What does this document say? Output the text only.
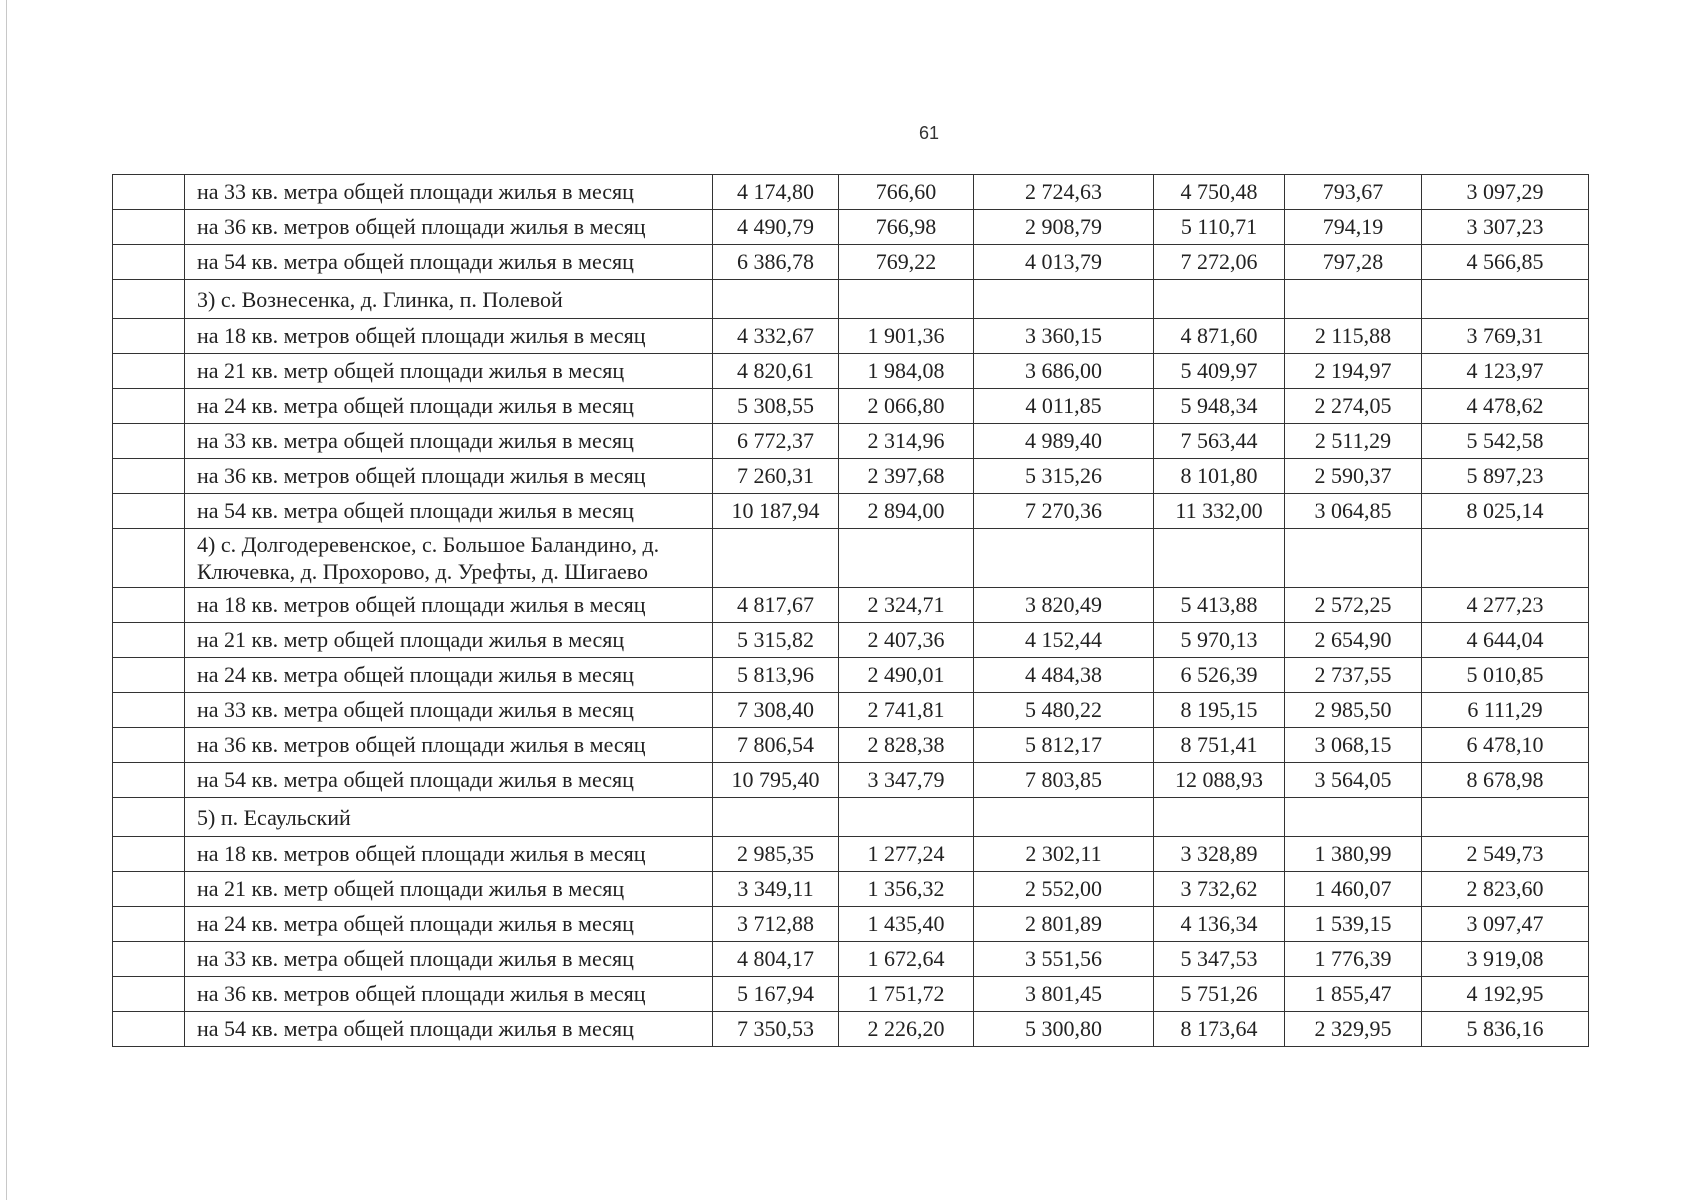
61
	на 33 кв. метра общей площади жилья в месяц	4 174,80	766,60	2 724,63	4 750,48	793,67	3 097,29
	на 36 кв. метров общей площади жилья в месяц	4 490,79	766,98	2 908,79	5 110,71	794,19	3 307,23
	на 54 кв. метра общей площади жилья в месяц	6 386,78	769,22	4 013,79	7 272,06	797,28	4 566,85
	3) с. Вознесенка, д. Глинка, п. Полевой						
	на 18 кв. метров общей площади жилья в месяц	4 332,67	1 901,36	3 360,15	4 871,60	2 115,88	3 769,31
	на 21 кв. метр общей площади жилья в месяц	4 820,61	1 984,08	3 686,00	5 409,97	2 194,97	4 123,97
	на 24 кв. метра общей площади жилья в месяц	5 308,55	2 066,80	4 011,85	5 948,34	2 274,05	4 478,62
	на 33 кв. метра общей площади жилья в месяц	6 772,37	2 314,96	4 989,40	7 563,44	2 511,29	5 542,58
	на 36 кв. метров общей площади жилья в месяц	7 260,31	2 397,68	5 315,26	8 101,80	2 590,37	5 897,23
	на 54 кв. метра общей площади жилья в месяц	10 187,94	2 894,00	7 270,36	11 332,00	3 064,85	8 025,14
	4) с. Долгодеревенское, с. Большое Баландино, д. Ключевка, д. Прохорово, д. Урефты, д. Шигаево						
	на 18 кв. метров общей площади жилья в месяц	4 817,67	2 324,71	3 820,49	5 413,88	2 572,25	4 277,23
	на 21 кв. метр общей площади жилья в месяц	5 315,82	2 407,36	4 152,44	5 970,13	2 654,90	4 644,04
	на 24 кв. метра общей площади жилья в месяц	5 813,96	2 490,01	4 484,38	6 526,39	2 737,55	5 010,85
	на 33 кв. метра общей площади жилья в месяц	7 308,40	2 741,81	5 480,22	8 195,15	2 985,50	6 111,29
	на 36 кв. метров общей площади жилья в месяц	7 806,54	2 828,38	5 812,17	8 751,41	3 068,15	6 478,10
	на 54 кв. метра общей площади жилья в месяц	10 795,40	3 347,79	7 803,85	12 088,93	3 564,05	8 678,98
	5) п. Есаульский						
	на 18 кв. метров общей площади жилья в месяц	2 985,35	1 277,24	2 302,11	3 328,89	1 380,99	2 549,73
	на 21 кв. метр общей площади жилья в месяц	3 349,11	1 356,32	2 552,00	3 732,62	1 460,07	2 823,60
	на 24 кв. метра общей площади жилья в месяц	3 712,88	1 435,40	2 801,89	4 136,34	1 539,15	3 097,47
	на 33 кв. метра общей площади жилья в месяц	4 804,17	1 672,64	3 551,56	5 347,53	1 776,39	3 919,08
	на 36 кв. метров общей площади жилья в месяц	5 167,94	1 751,72	3 801,45	5 751,26	1 855,47	4 192,95
	на 54 кв. метра общей площади жилья в месяц	7 350,53	2 226,20	5 300,80	8 173,64	2 329,95	5 836,16
